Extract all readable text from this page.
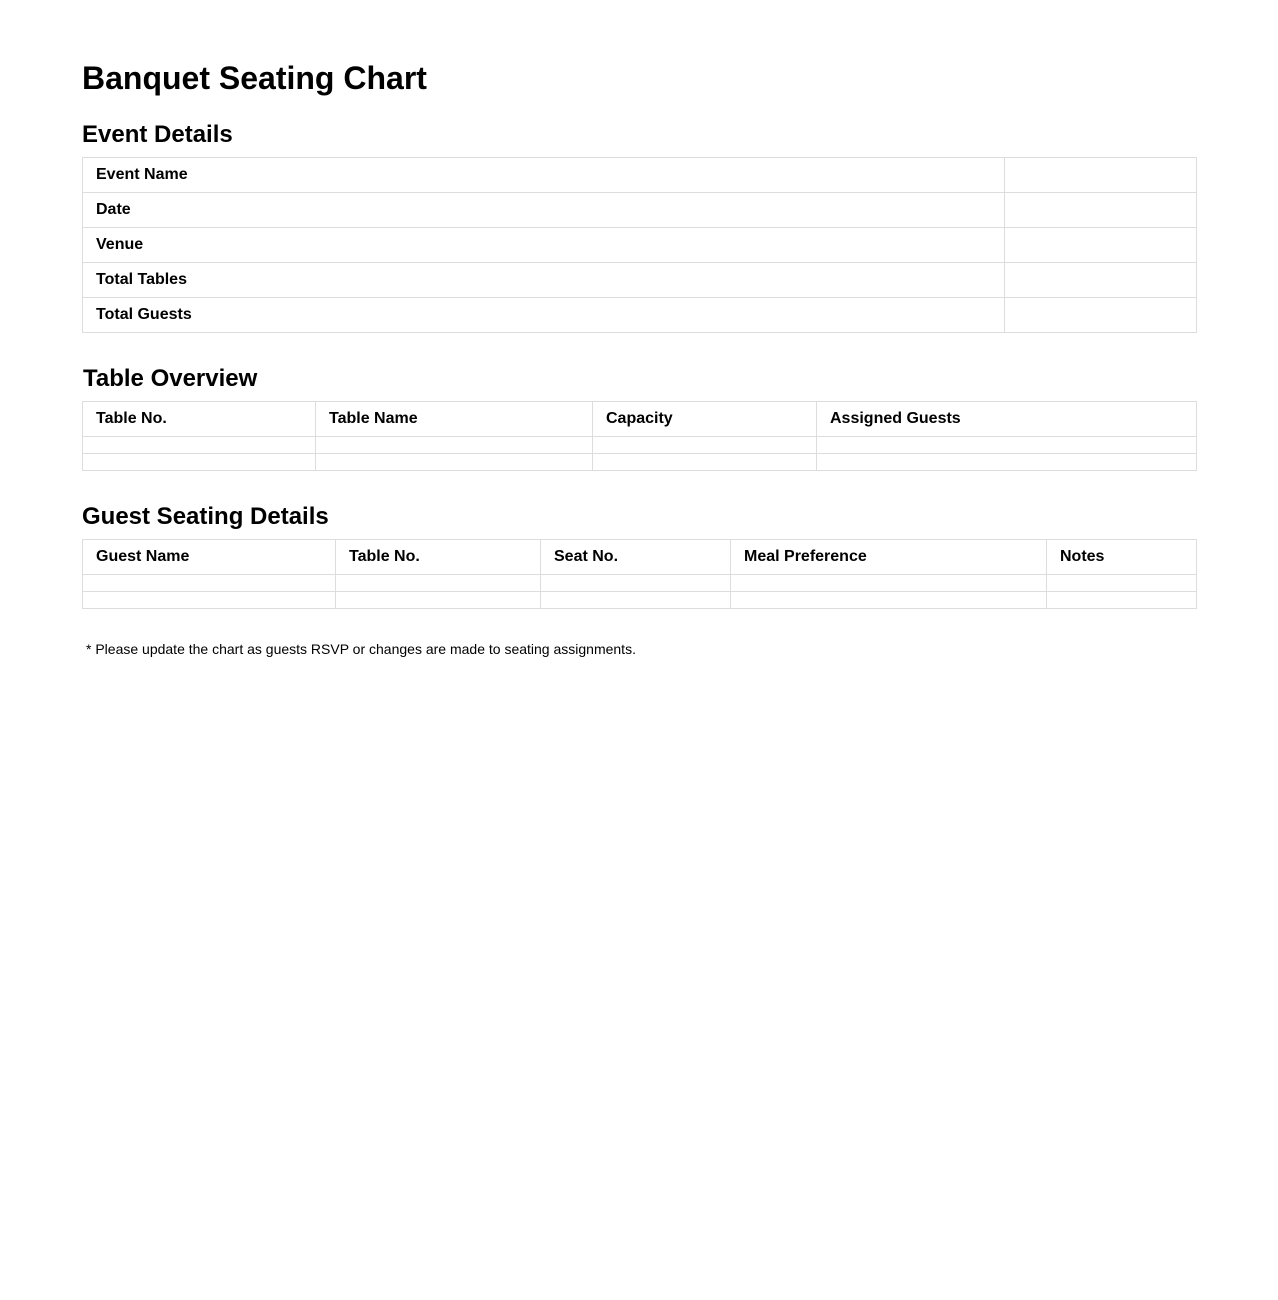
Banquet Seating Chart
Event Details
Event Name	
Date	
Venue	
Total Tables	
Total Guests	
Table Overview
Table No.	Table Name	Capacity	Assigned Guests

Guest Seating Details
Guest Name	Table No.	Seat No.	Meal Preference	Notes

* Please update the chart as guests RSVP or changes are made to seating assignments.
